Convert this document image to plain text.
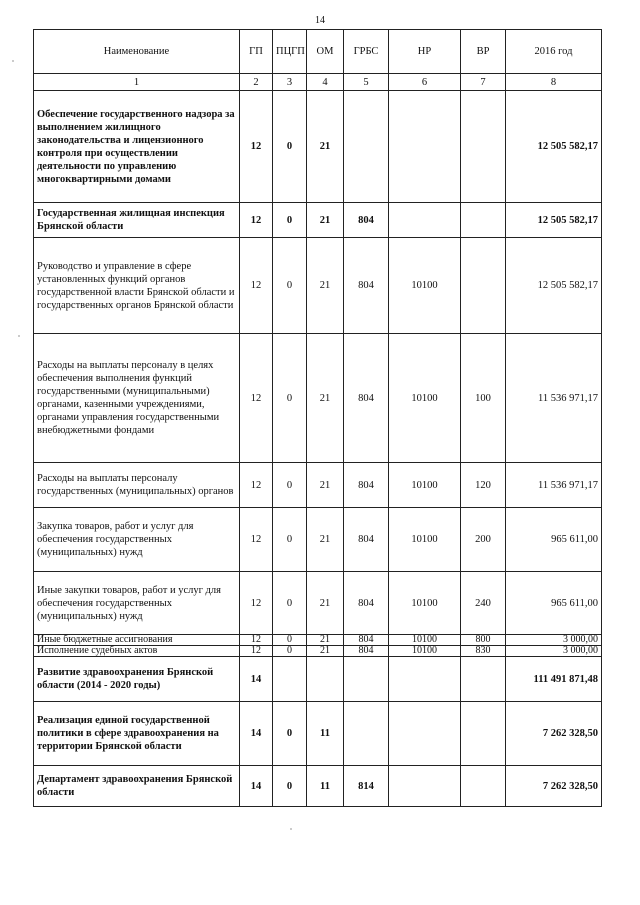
14
Наименование	ГП	ПЦГП	ОМ	ГРБС	НР	ВР	2016 год
1	2	3	4	5	6	7	8
Обеспечение государственного надзора за выполнением жилищного законодательства и лицензионного контроля при осуществлении деятельности по управлению многоквартирными домами	12	0	21				12 505 582,17
Государственная жилищная инспекция Брянской области	12	0	21	804			12 505 582,17
Руководство и управление в сфере установленных функций органов государственной власти Брянской области и государственных органов Брянской области	12	0	21	804	10100		12 505 582,17
Расходы на выплаты персоналу в целях обеспечения выполнения функций государственными (муниципальными) органами, казенными учреждениями, органами управления государственными внебюджетными фондами	12	0	21	804	10100	100	11 536 971,17
Расходы на выплаты персоналу государственных (муниципальных) органов	12	0	21	804	10100	120	11 536 971,17
Закупка товаров, работ и услуг для обеспечения государственных (муниципальных) нужд	12	0	21	804	10100	200	965 611,00
Иные закупки товаров, работ и услуг для обеспечения государственных (муниципальных) нужд	12	0	21	804	10100	240	965 611,00
Иные бюджетные ассигнования	12	0	21	804	10100	800	3 000,00
Исполнение судебных актов	12	0	21	804	10100	830	3 000,00
Развитие здравоохранения Брянской области (2014 - 2020 годы)	14						111 491 871,48
Реализация единой государственной политики в сфере здравоохранения на территории Брянской области	14	0	11				7 262 328,50
Департамент здравоохранения Брянской области	14	0	11	814			7 262 328,50
